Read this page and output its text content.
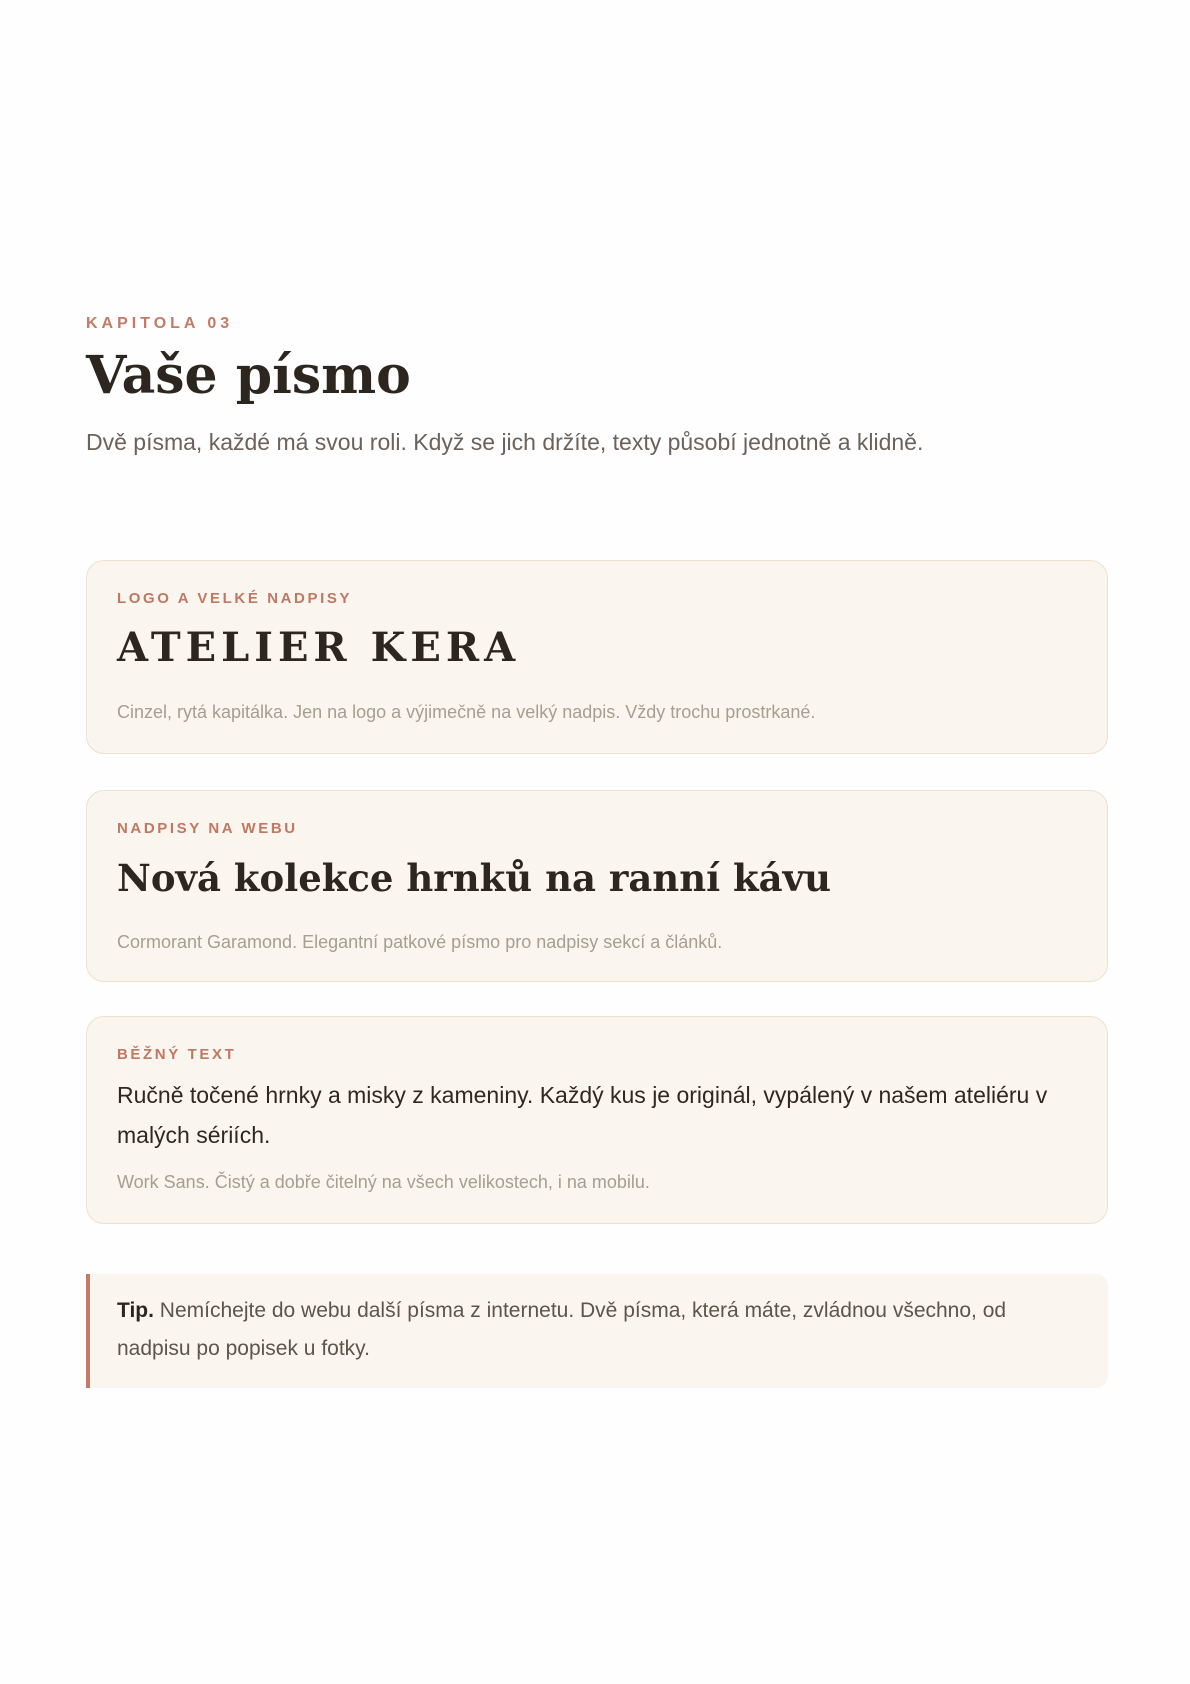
KAPITOLA 03
Vaše písmo

Dvě písma, každé má svou roli. Když se jich držíte, texty působí jednotně a klidně.

LOGO A VELKÉ NADPISY
ATELIER KERA
Cinzel, rytá kapitálka. Jen na logo a výjimečně na velký nadpis. Vždy trochu prostrkané.
NADPISY NA WEBU
Nová kolekce hrnků na ranní kávu
Cormorant Garamond. Elegantní patkové písmo pro nadpisy sekcí a článků.
BĚŽNÝ TEXT
Ručně točené hrnky a misky z kameniny. Každý kus je originál, vypálený v našem ateliéru v malých sériích.
Work Sans. Čistý a dobře čitelný na všech velikostech, i na mobilu.
Tip. Nemíchejte do webu další písma z internetu. Dvě písma, která máte, zvládnou všechno, od nadpisu po popisek u fotky.
